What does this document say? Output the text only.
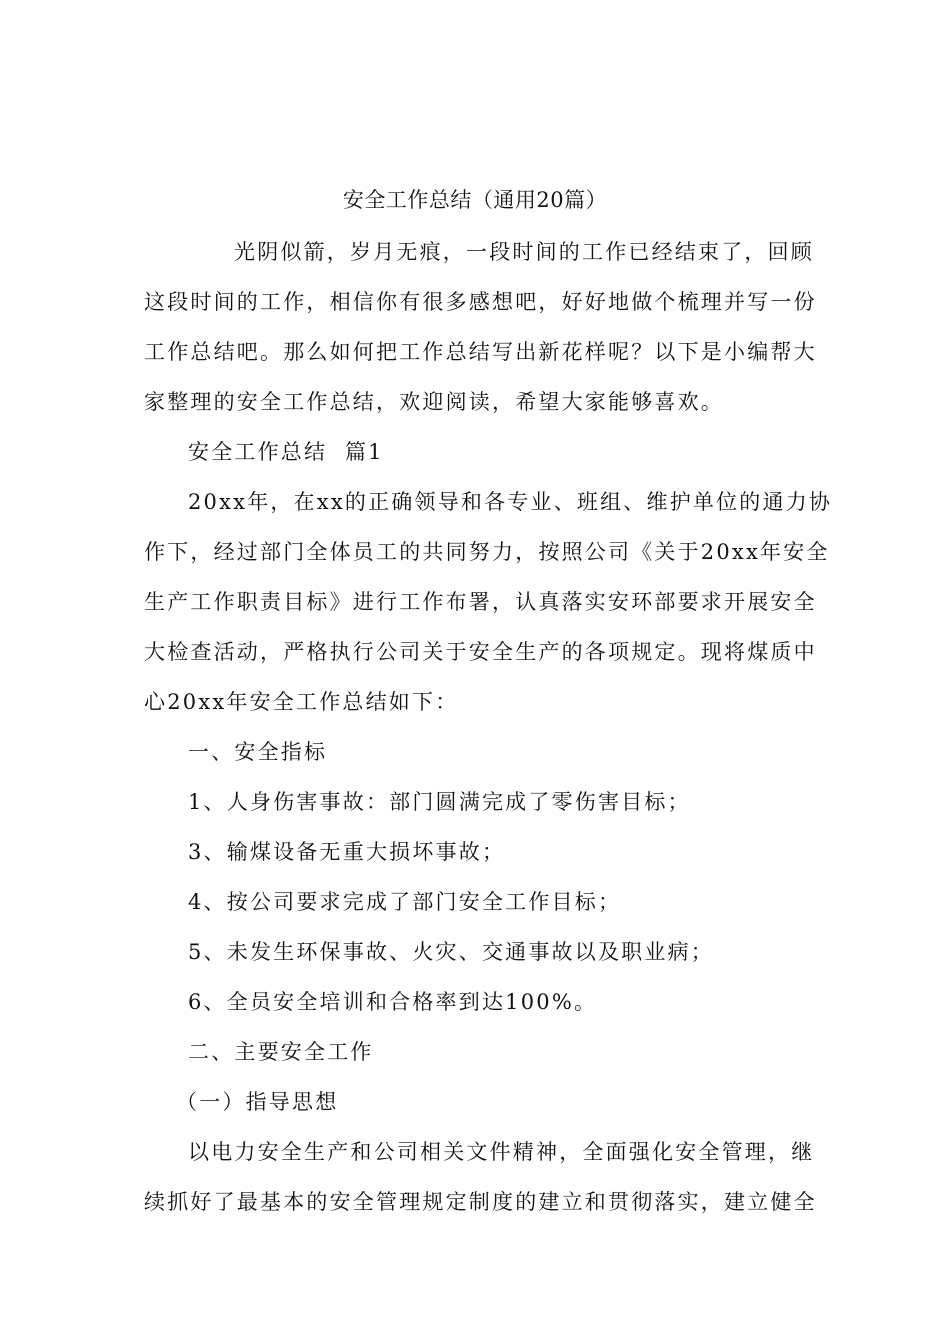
安全工作总结（通用20篇）
光阴似箭，岁月无痕，一段时间的工作已经结束了，回顾
这段时间的工作，相信你有很多感想吧，好好地做个梳理并写一份
工作总结吧。那么如何把工作总结写出新花样呢？以下是小编帮大
家整理的安全工作总结，欢迎阅读，希望大家能够喜欢。
安全工作总结  篇1
20xx年，在xx的正确领导和各专业、班组、维护单位的通力协
作下，经过部门全体员工的共同努力，按照公司《关于20xx年安全
生产工作职责目标》进行工作布署，认真落实安环部要求开展安全
大检查活动，严格执行公司关于安全生产的各项规定。现将煤质中
心20xx年安全工作总结如下：
一、安全指标
1、人身伤害事故：部门圆满完成了零伤害目标；
3、输煤设备无重大损坏事故；
4、按公司要求完成了部门安全工作目标；
5、未发生环保事故、火灾、交通事故以及职业病；
6、全员安全培训和合格率到达100%。
二、主要安全工作
（一）指导思想
以电力安全生产和公司相关文件精神，全面强化安全管理，继
续抓好了最基本的安全管理规定制度的建立和贯彻落实，建立健全
